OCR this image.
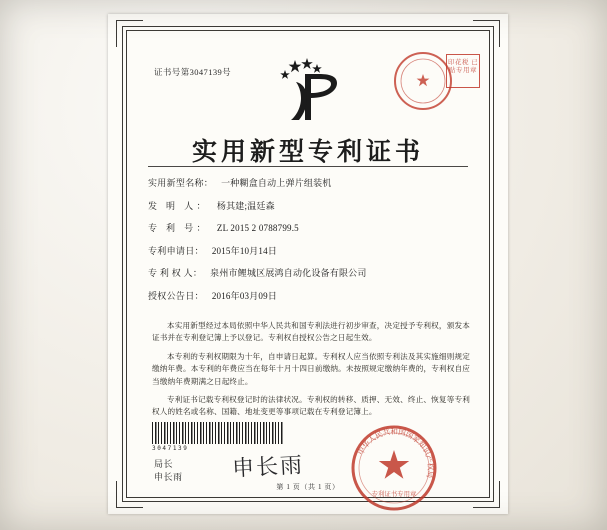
证书号第3047139号
印花税 已贴专用章
实用新型专利证书
实用新型名称： 一种糊盒自动上弹片组装机
发 明 人： 杨其建;温廷森
专 利 号： ZL 2015 2 0788799.5
专利申请日： 2015年10月14日
专 利 权 人： 泉州市鲤城区展鸿自动化设备有限公司
授权公告日： 2016年03月09日

本实用新型经过本局依照中华人民共和国专利法进行初步审查，决定授予专利权，颁发本证书并在专利登记簿上予以登记。专利权自授权公告之日起生效。

本专利的专利权期限为十年，自申请日起算。专利权人应当依照专利法及其实施细则规定缴纳年费。本专利的年费应当在每年十月十四日前缴纳。未按照规定缴纳年费的，专利权自应当缴纳年费期满之日起终止。

专利证书记载专利权登记时的法律状况。专利权的转移、质押、无效、终止、恢复等专利权人的姓名或名称、国籍、地址变更等事项记载在专利登记簿上。

3047139
局长
申长雨 申长雨
中华人民共和国国家知识产权局
专利证书专用章
第 1 页（共 1 页）
